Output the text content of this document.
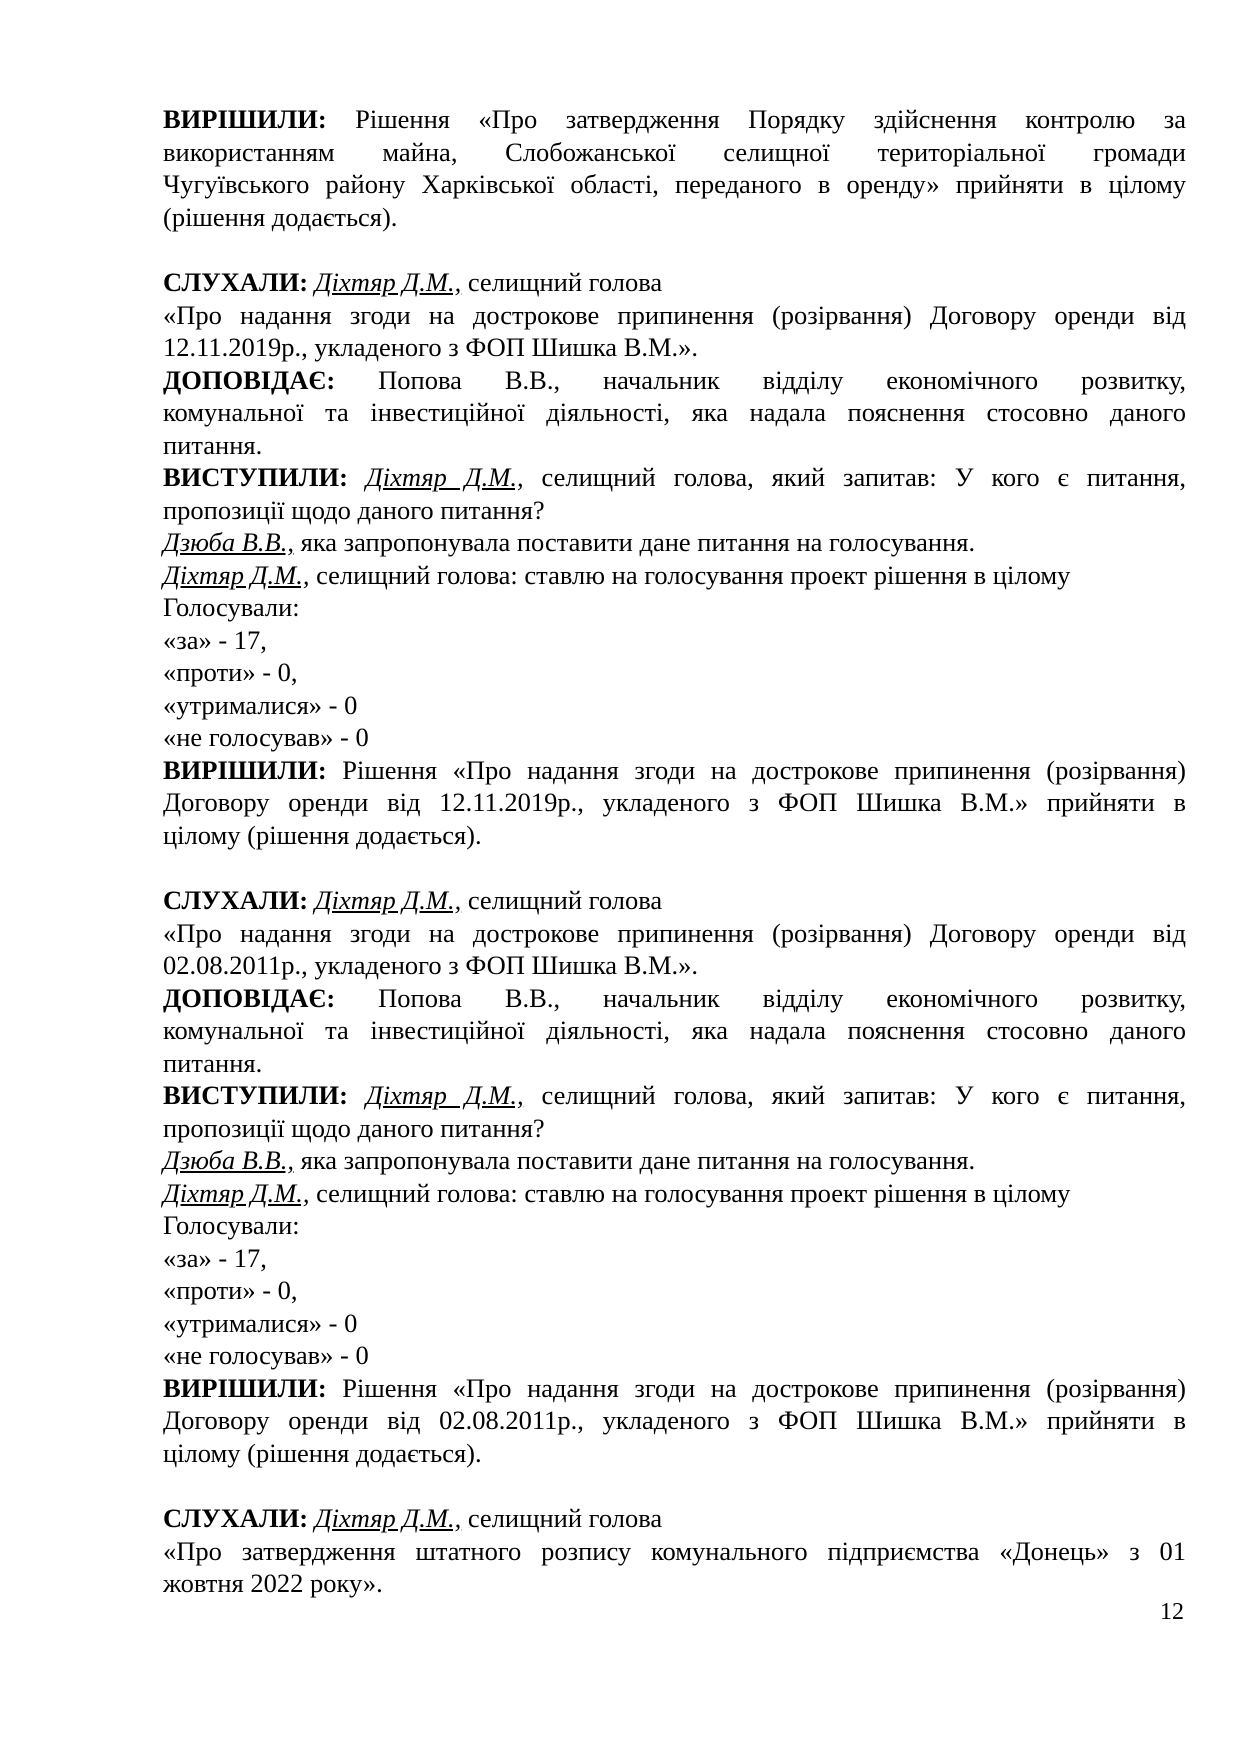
ВИРІШИЛИ: Рішення «Про затвердження Порядку здійснення контролю за

використанням майна, Слобожанської селищної територіальної громади

Чугуївського району Харківської області, переданого в оренду» прийняти в цілому

(рішення додається).

СЛУХАЛИ: Діхтяр Д.М., селищний голова

«Про надання згоди на дострокове припинення (розірвання) Договору оренди від

12.11.2019р., укладеного з ФОП Шишка В.М.».

ДОПОВІДАЄ: Попова В.В., начальник відділу економічного розвитку,

комунальної та інвестиційної діяльності, яка надала пояснення стосовно даного

питання.

ВИСТУПИЛИ: Діхтяр Д.М., селищний голова, який запитав: У кого є питання,

пропозиції щодо даного питання?

Дзюба В.В., яка запропонувала поставити дане питання на голосування.

Діхтяр Д.М., селищний голова: ставлю на голосування проект рішення в цілому

Голосували:

«за» - 17,

«проти» - 0,

«утрималися» - 0

«не голосував» - 0

ВИРІШИЛИ: Рішення «Про надання згоди на дострокове припинення (розірвання)

Договору оренди від 12.11.2019р., укладеного з ФОП Шишка В.М.» прийняти в

цілому (рішення додається).

СЛУХАЛИ: Діхтяр Д.М., селищний голова

«Про надання згоди на дострокове припинення (розірвання) Договору оренди від

02.08.2011р., укладеного з ФОП Шишка В.М.».

ДОПОВІДАЄ: Попова В.В., начальник відділу економічного розвитку,

комунальної та інвестиційної діяльності, яка надала пояснення стосовно даного

питання.

ВИСТУПИЛИ: Діхтяр Д.М., селищний голова, який запитав: У кого є питання,

пропозиції щодо даного питання?

Дзюба В.В., яка запропонувала поставити дане питання на голосування.

Діхтяр Д.М., селищний голова: ставлю на голосування проект рішення в цілому

Голосували:

«за» - 17,

«проти» - 0,

«утрималися» - 0

«не голосував» - 0

ВИРІШИЛИ: Рішення «Про надання згоди на дострокове припинення (розірвання)

Договору оренди від 02.08.2011р., укладеного з ФОП Шишка В.М.» прийняти в

цілому (рішення додається).

СЛУХАЛИ: Діхтяр Д.М., селищний голова

«Про затвердження штатного розпису комунального підприємства «Донець» з 01

жовтня 2022 року».

12
